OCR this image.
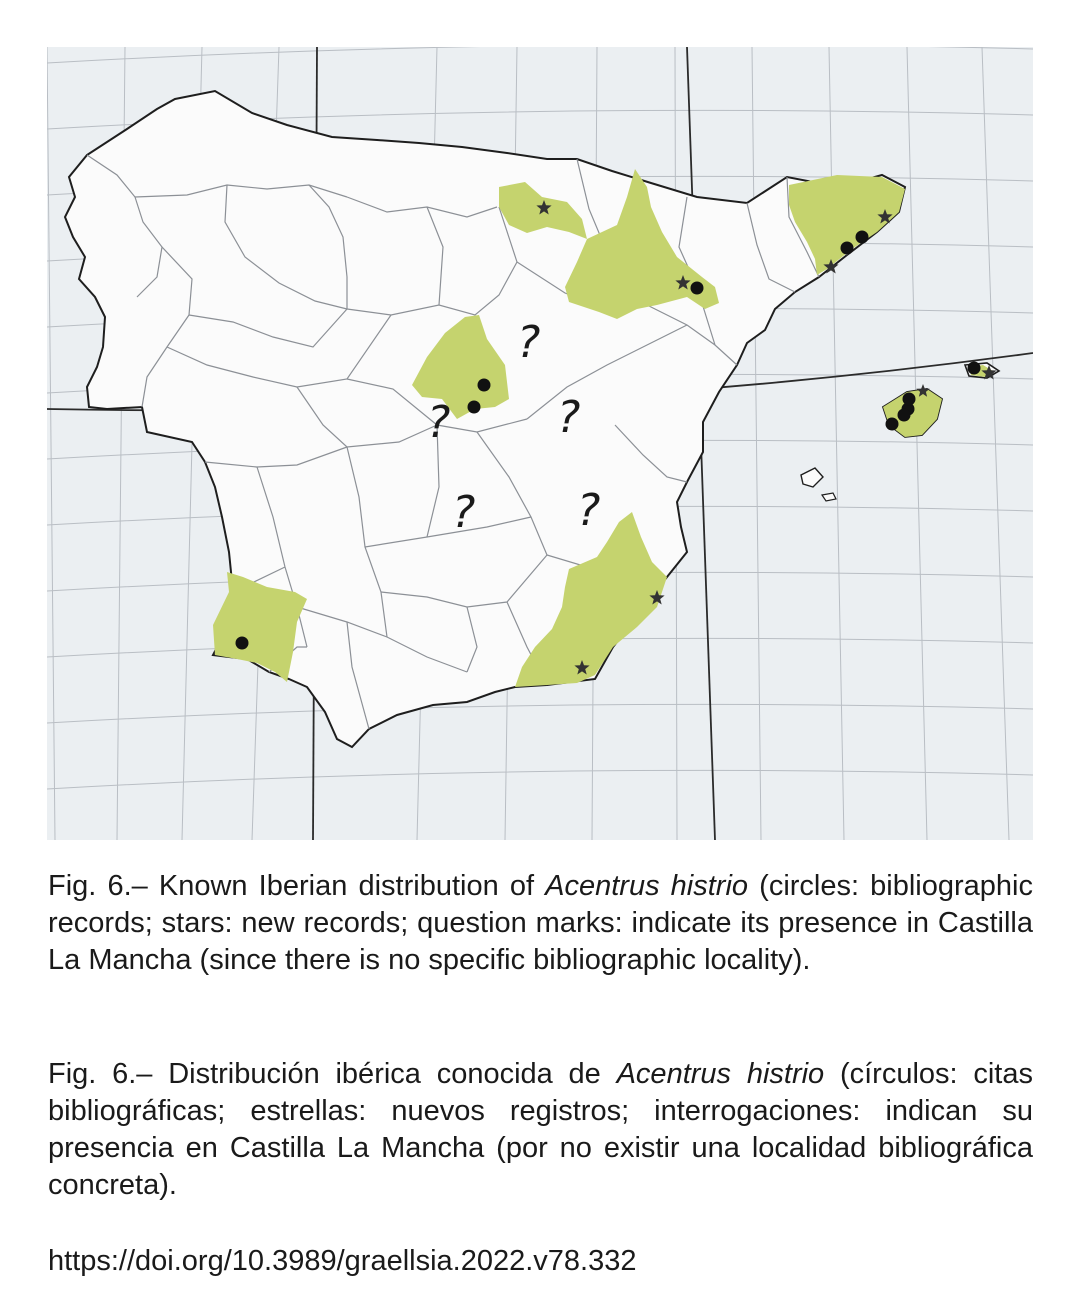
?
? ?
? ?

Fig. 6.– Known Iberian distribution of Acentrus histrio (circles: bibliographic records; stars: new records; question marks: indicate its presence in Castilla La Mancha (since there is no specific bibliographic locality).

Fig. 6.– Distribución ibérica conocida de Acentrus histrio (círculos: citas bibliográficas; estrellas: nuevos registros; interrogaciones: indican su presencia en Castilla La Mancha (por no existir una localidad bibliográfica concreta).

https://doi.org/10.3989/graellsia.2022.v78.332
